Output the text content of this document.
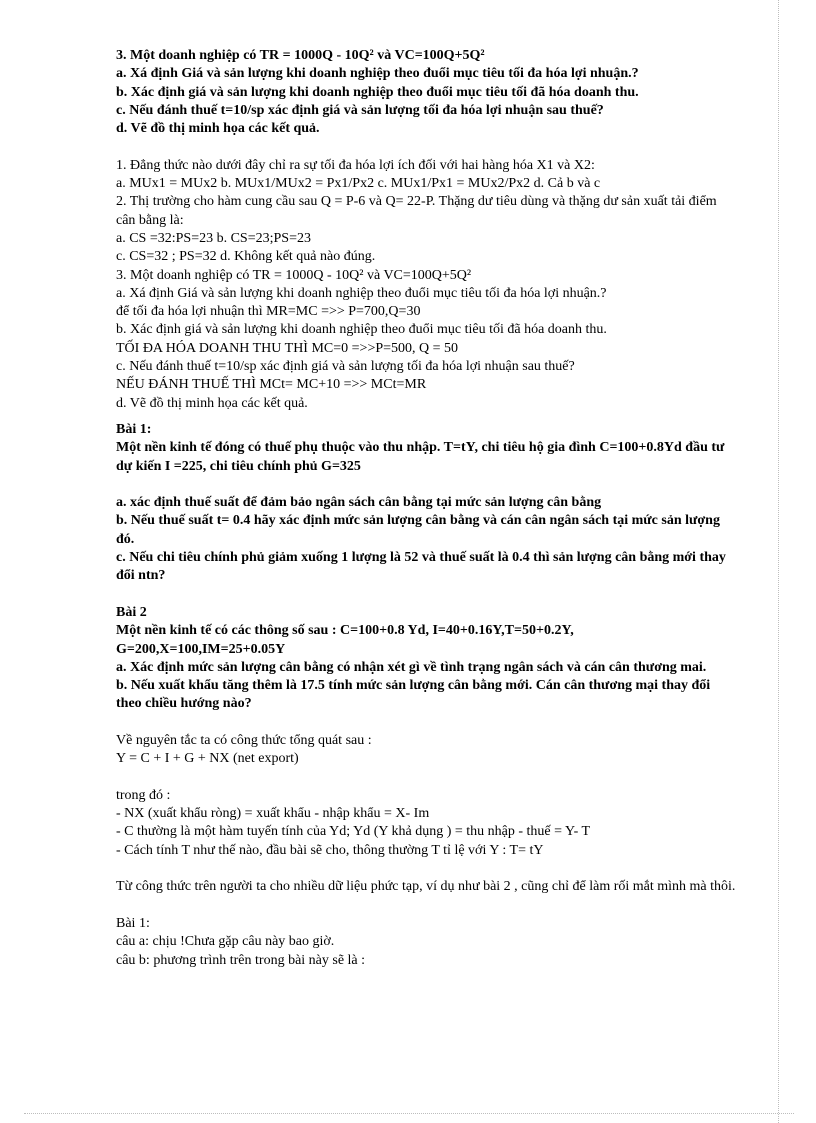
3. Một doanh nghiệp có TR = 1000Q - 10Q² và VC=100Q+5Q²

a. Xá định Giá và sản lượng khi doanh nghiệp theo đuổi mục tiêu tối đa hóa lợi nhuận.?

b. Xác định giá và sản lượng khi doanh nghiệp theo đuổi mục tiêu tối đã hóa doanh thu.

c. Nếu đánh thuế t=10/sp xác định giá và sản lượng tối đa hóa lợi nhuận sau thuế?

d. Vẽ đồ thị minh họa các kết quả.

1. Đẳng thức nào dưới đây chỉ ra sự tối đa hóa lợi ích đối với hai hàng hóa X1 và X2:

a. MUx1 = MUx2 b. MUx1/MUx2 = Px1/Px2 c. MUx1/Px1 = MUx2/Px2 d. Cả b và c

2. Thị trường cho hàm cung cầu sau Q = P-6 và Q= 22-P. Thặng dư tiêu dùng và thặng dư sản xuất tải điểm cân bằng là:

a. CS =32:PS=23 b. CS=23;PS=23

c. CS=32 ; PS=32 d. Không kết quả nào đúng.

3. Một doanh nghiệp có TR = 1000Q - 10Q² và VC=100Q+5Q²

a. Xá định Giá và sản lượng khi doanh nghiệp theo đuổi mục tiêu tối đa hóa lợi nhuận.?

để tối đa hóa lợi nhuận thì MR=MC =>> P=700,Q=30

b. Xác định giá và sản lượng khi doanh nghiệp theo đuổi mục tiêu tối đã hóa doanh thu.

TỐI ĐA HÓA DOANH THU THÌ MC=0 =>>P=500, Q = 50

c. Nếu đánh thuế t=10/sp xác định giá và sản lượng tối đa hóa lợi nhuận sau thuế?

NẾU ĐÁNH THUẾ THÌ MCt= MC+10 =>> MCt=MR

d. Vẽ đồ thị minh họa các kết quả.

Bài 1:

Một nền kinh tế đóng có thuế phụ thuộc vào thu nhập. T=tY, chi tiêu hộ gia đình C=100+0.8Yd đầu tư dự kiến I =225, chi tiêu chính phủ G=325

a. xác định thuế suất để đảm bảo ngân sách cân bằng tại mức sản lượng cân bằng

b. Nếu thuế suất t= 0.4 hãy xác định mức sản lượng cân bằng và cán cân ngân sách tại mức sản lượng đó.

c. Nếu chi tiêu chính phủ giảm xuống 1 lượng là 52 và thuế suất là 0.4 thì sản lượng cân bằng mới thay đổi ntn?

Bài 2

Một nền kinh tế có các thông số sau : C=100+0.8 Yd, I=40+0.16Y,T=50+0.2Y, G=200,X=100,IM=25+0.05Y

a. Xác định mức sản lượng cân bằng có nhận xét gì về tình trạng ngân sách và cán cân thương mai.

b. Nếu xuất khẩu tăng thêm là 17.5 tính mức sản lượng cân bằng mới. Cán cân thương mại thay đổi theo chiều hướng nào?

Về nguyên tắc ta có công thức tổng quát sau :

Y = C + I + G + NX (net export)

trong đó :

- NX (xuất khẩu ròng) = xuất khẩu - nhập khẩu = X- Im

- C thường là một hàm tuyến tính của Yd; Yd (Y khả dụng ) = thu nhập - thuế = Y- T

- Cách tính T như thế nào, đầu bài sẽ cho, thông thường T tỉ lệ với Y : T= tY

Từ công thức trên người ta cho nhiều dữ liệu phức tạp, ví dụ như bài 2 , cũng chỉ để làm rối mắt mình mà thôi.

Bài 1:

câu a: chịu !Chưa gặp câu này bao giờ.

câu b: phương trình trên trong bài này sẽ là :
